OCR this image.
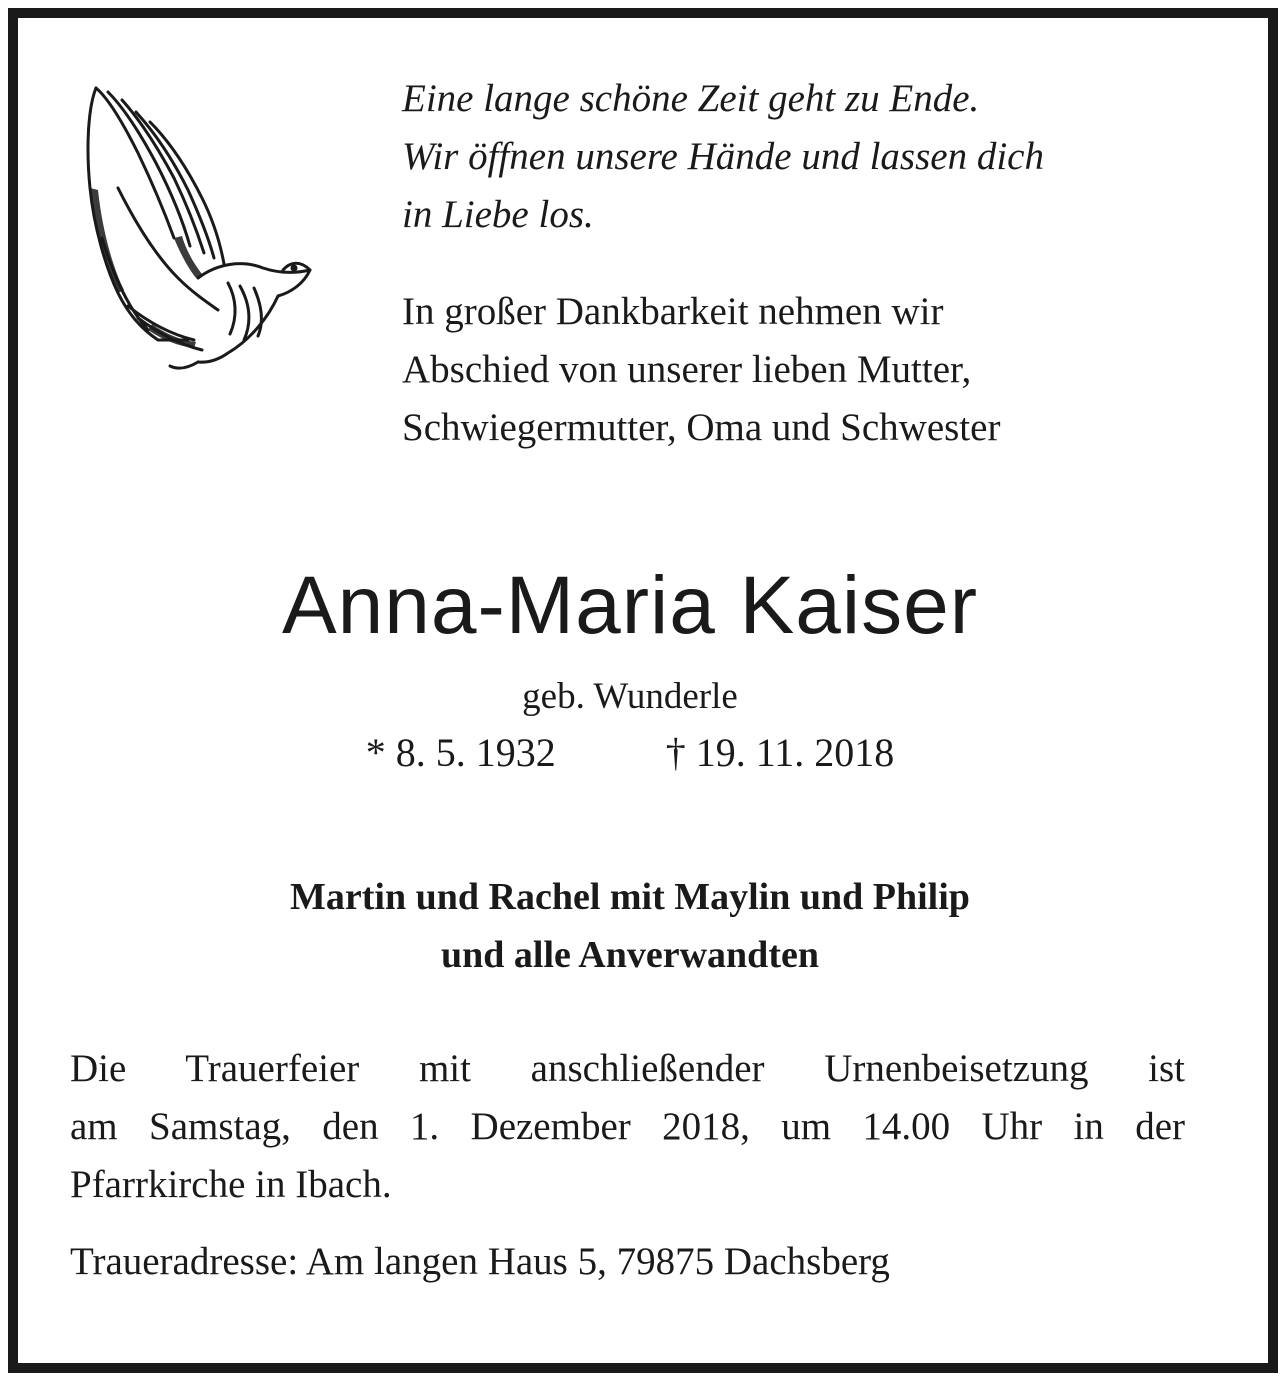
Eine lange schöne Zeit geht zu Ende.
Wir öffnen unsere Hände und lassen dich
in Liebe los.
In großer Dankbarkeit nehmen wir
Abschied von unserer lieben Mutter,
Schwiegermutter, Oma und Schwester
Anna-Maria Kaiser
geb. Wunderle
* 8. 5. 1932	† 19. 11. 2018
Martin und Rachel mit Maylin und Philip
und alle Anverwandten
Die Trauerfeier mit anschließender Urnenbeisetzung ist
am Samstag, den 1. Dezember 2018, um 14.00 Uhr in der
Pfarrkirche in Ibach.
Traueradresse: Am langen Haus 5, 79875 Dachsberg
